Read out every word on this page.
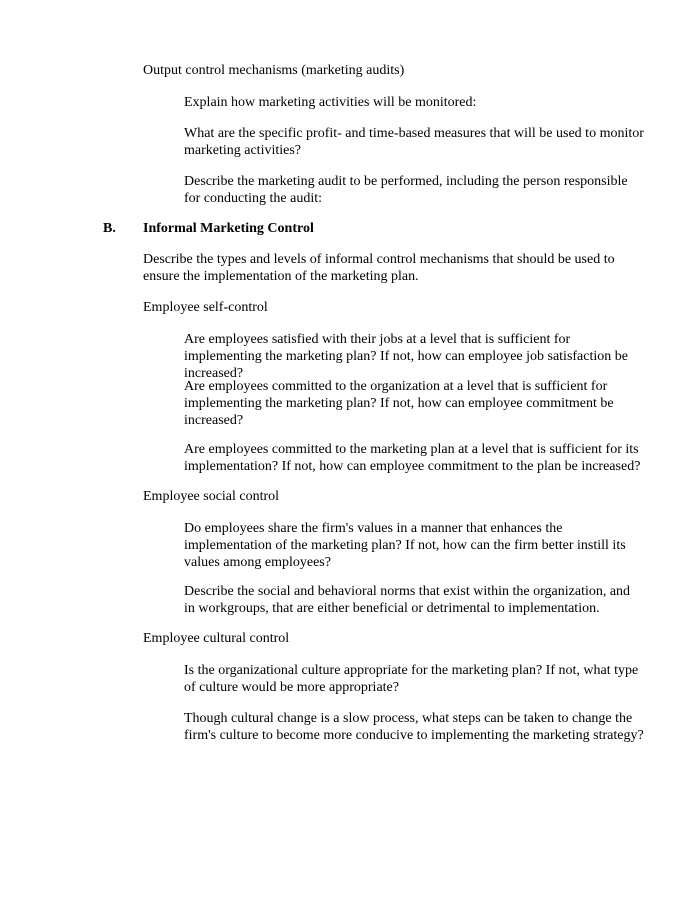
Output control mechanisms (marketing audits)

Explain how marketing activities will be monitored:

What are the specific profit- and time-based measures that will be used to monitor marketing activities?

Describe the marketing audit to be performed, including the person responsible for conducting the audit:

B. Informal Marketing Control

Describe the types and levels of informal control mechanisms that should be used to ensure the implementation of the marketing plan.

Employee self-control

Are employees satisfied with their jobs at a level that is sufficient for implementing the marketing plan? If not, how can employee job satisfaction be increased?

Are employees committed to the organization at a level that is sufficient for implementing the marketing plan? If not, how can employee commitment be increased?

Are employees committed to the marketing plan at a level that is sufficient for its implementation? If not, how can employee commitment to the plan be increased?

Employee social control

Do employees share the firm's values in a manner that enhances the implementation of the marketing plan? If not, how can the firm better instill its values among employees?

Describe the social and behavioral norms that exist within the organization, and in workgroups, that are either beneficial or detrimental to implementation.

Employee cultural control

Is the organizational culture appropriate for the marketing plan? If not, what type of culture would be more appropriate?

Though cultural change is a slow process, what steps can be taken to change the firm's culture to become more conducive to implementing the marketing strategy?
